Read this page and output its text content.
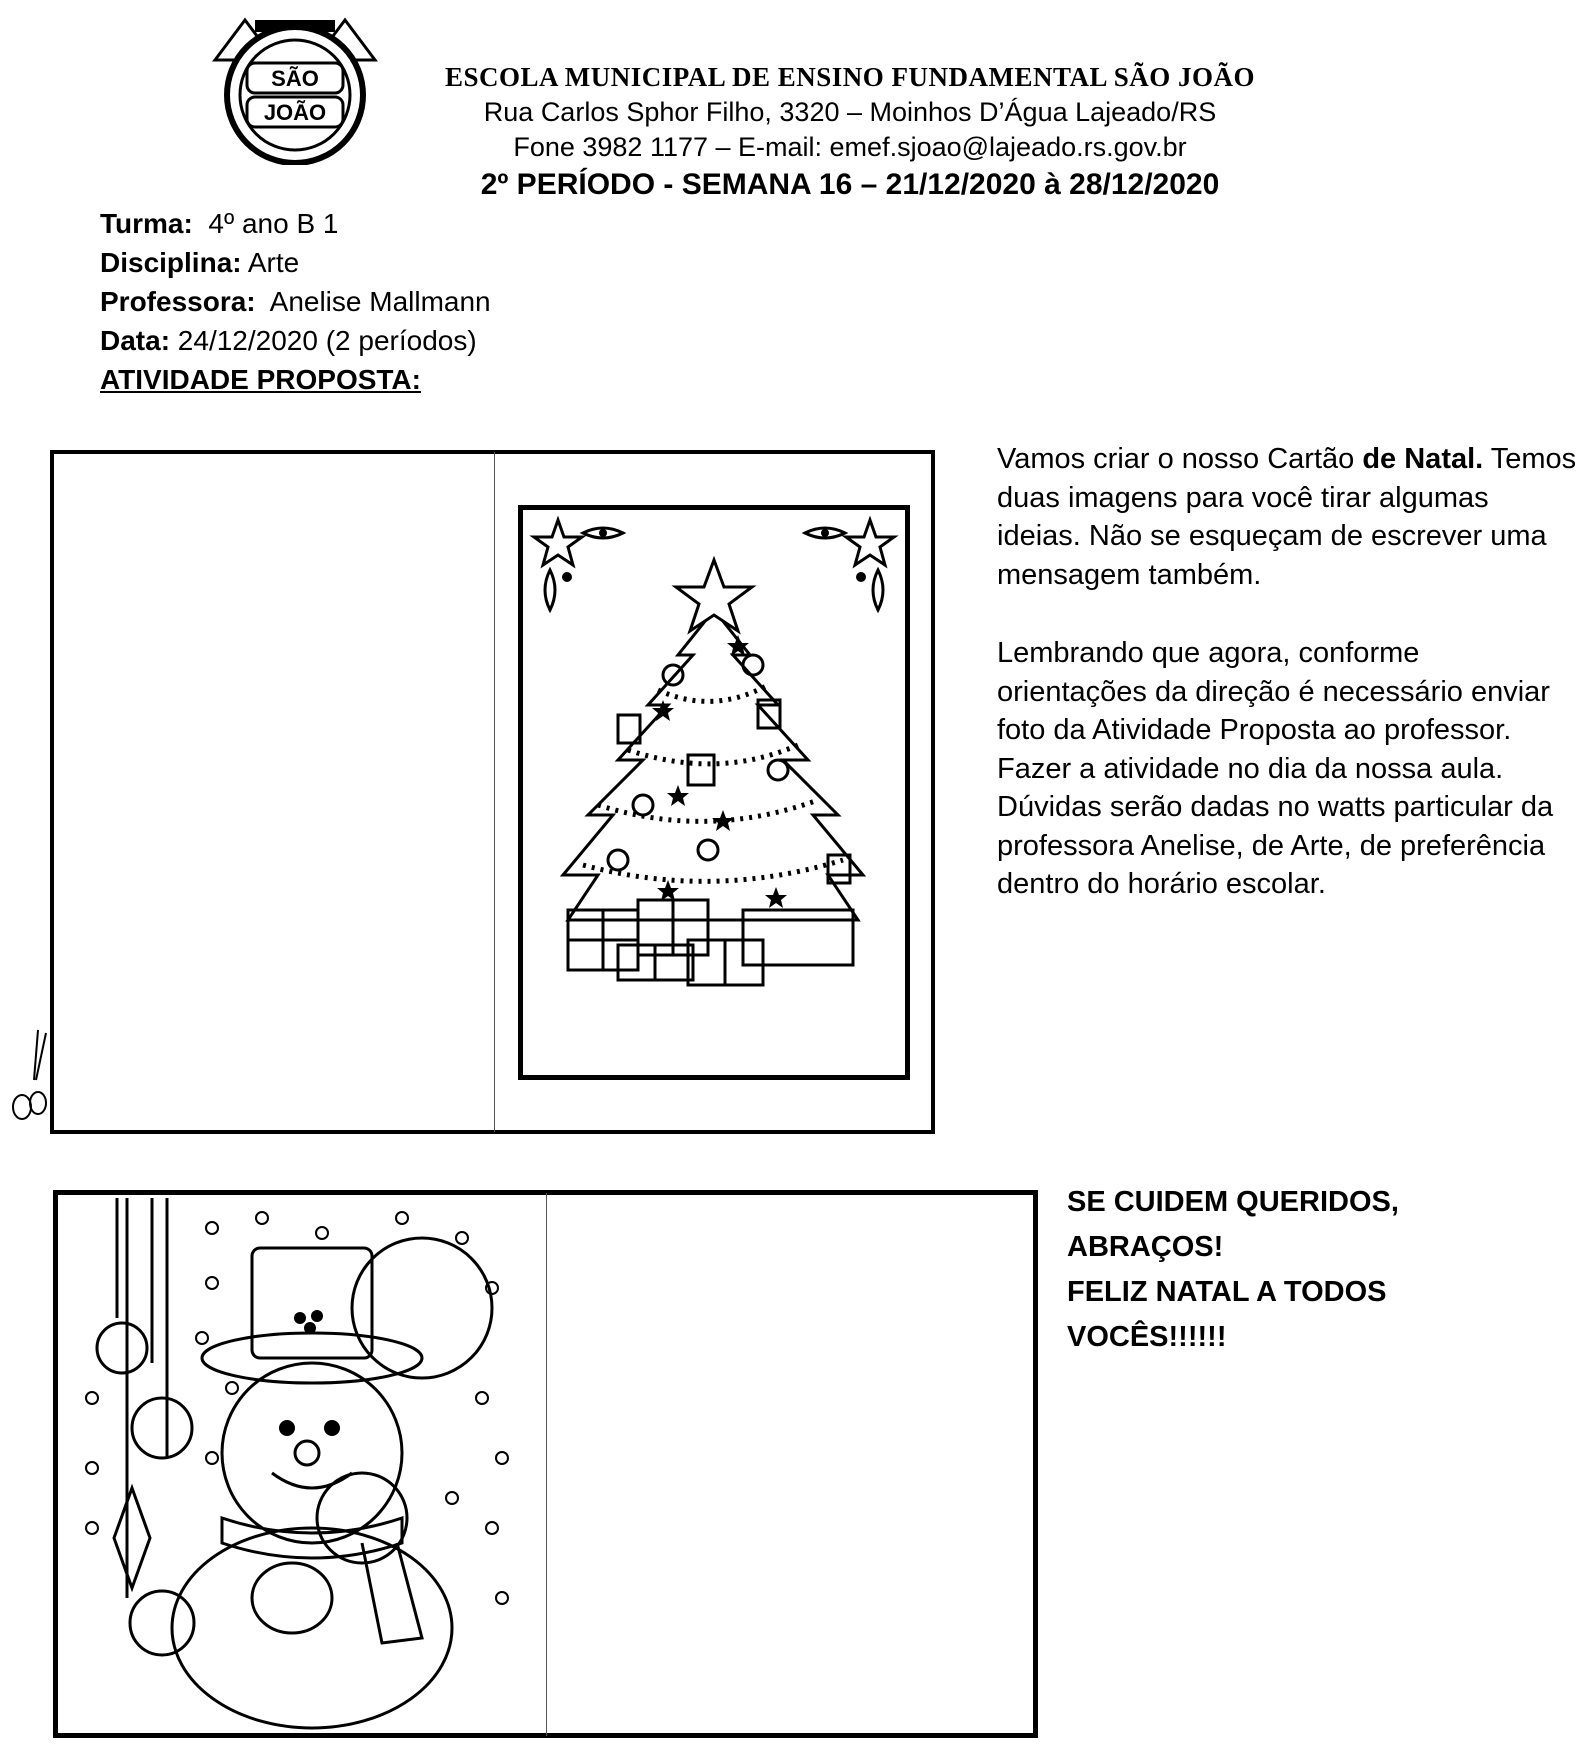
SÃO
JOÃO
ESCOLA MUNICIPAL DE ENSINO FUNDAMENTAL SÃO JOÃO
Rua Carlos Sphor Filho, 3320 – Moinhos D’Água Lajeado/RS
Fone 3982 1177 – E-mail: emef.sjoao@lajeado.rs.gov.br
2º PERÍODO - SEMANA 16 – 21/12/2020 à 28/12/2020
Turma: 4º ano B 1
Disciplina: Arte
Professora: Anelise Mallmann
Data: 24/12/2020 (2 períodos)
ATIVIDADE PROPOSTA:
Vamos criar o nosso Cartão de Natal. Temos duas imagens para você tirar algumas ideias. Não se esqueçam de escrever uma mensagem também.
Lembrando que agora, conforme orientações da direção é necessário enviar foto da Atividade Proposta ao professor. Fazer a atividade no dia da nossa aula. Dúvidas serão dadas no watts particular da professora Anelise, de Arte, de preferência dentro do horário escolar.
SE CUIDEM QUERIDOS,
ABRAÇOS!
FELIZ NATAL A TODOS
VOCÊS!!!!!!
